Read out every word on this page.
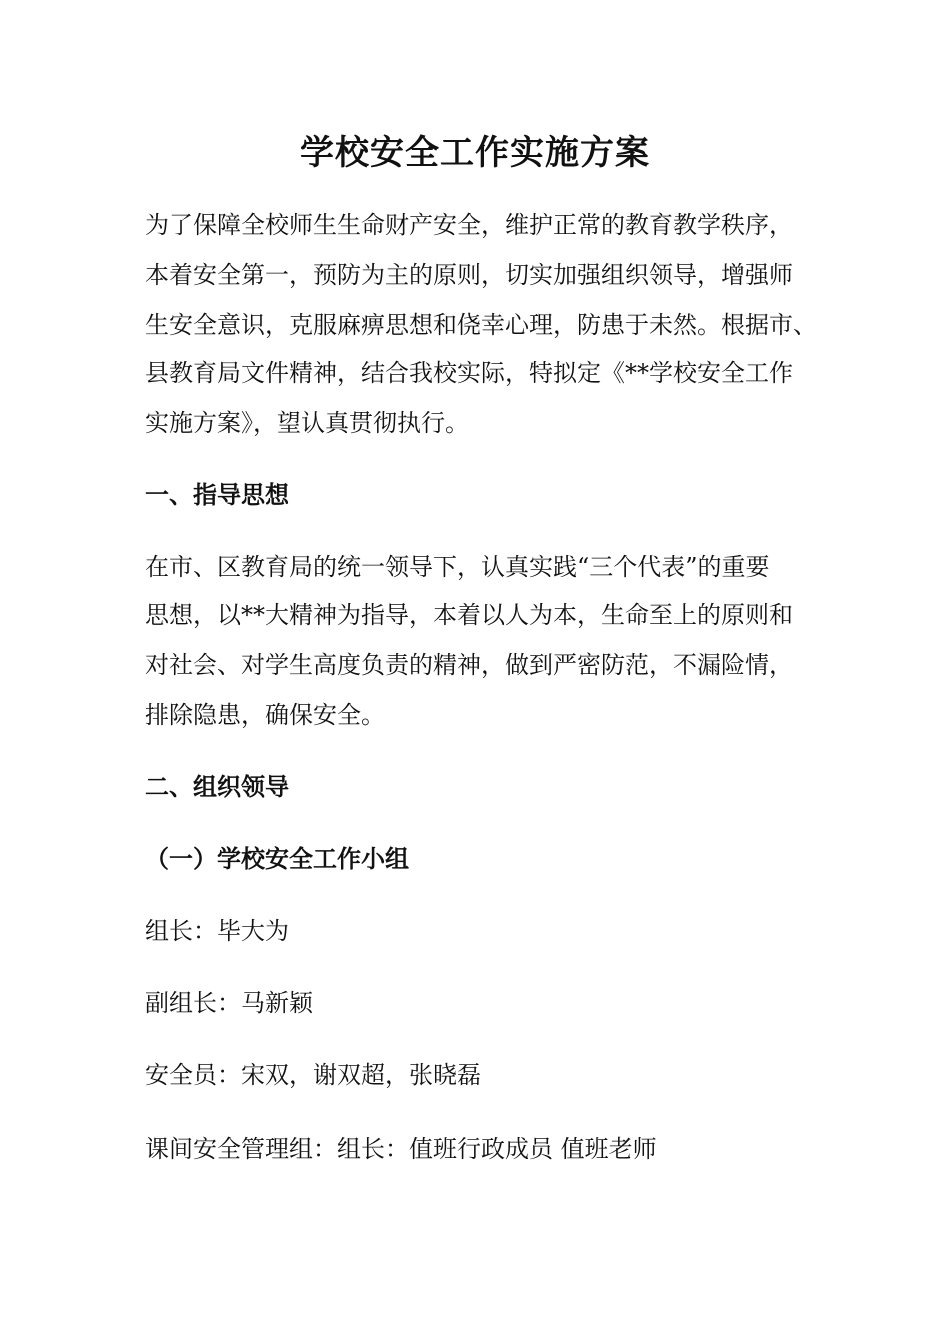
学校安全工作实施方案
为了保障全校师生生命财产安全，维护正常的教育教学秩序，
本着安全第一，预防为主的原则，切实加强组织领导，增强师
生安全意识，克服麻痹思想和侥幸心理，防患于未然。根据市、
县教育局文件精神，结合我校实际，特拟定《**学校安全工作
实施方案》，望认真贯彻执行。
一、指导思想
在市、区教育局的统一领导下，认真实践“三个代表”的重要
思想，以**大精神为指导，本着以人为本，生命至上的原则和
对社会、对学生高度负责的精神，做到严密防范，不漏险情，
排除隐患，确保安全。
二、组织领导
（一）学校安全工作小组
组长：毕大为
副组长：马新颖
安全员：宋双，谢双超，张晓磊
课间安全管理组：组长：值班行政成员 值班老师
